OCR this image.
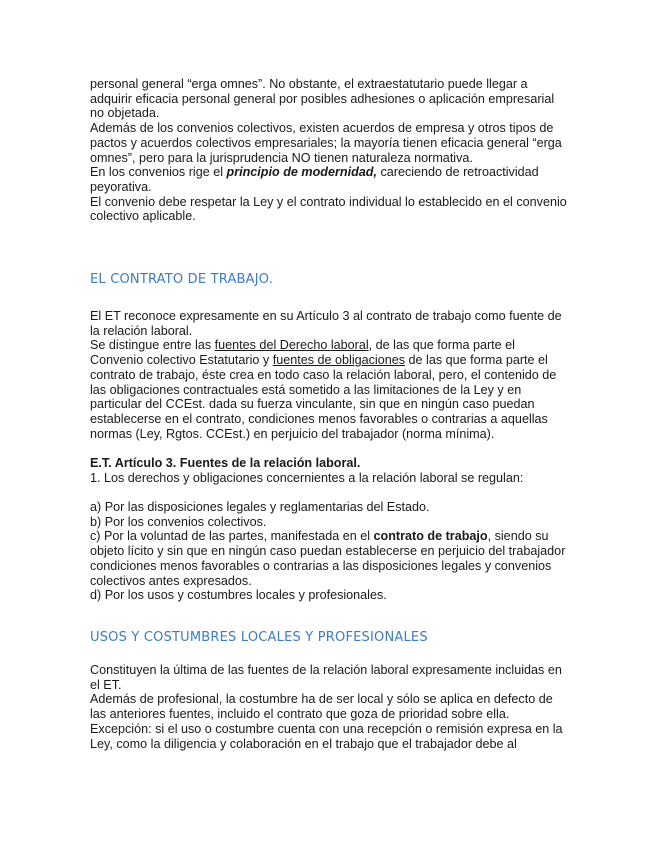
personal general “erga omnes”. No obstante, el extraestatutario puede llegar a adquirir eficacia personal general por posibles adhesiones o aplicación empresarial no objetada.

Además de los convenios colectivos, existen acuerdos de empresa y otros tipos de pactos y acuerdos colectivos empresariales; la mayoría tienen eficacia general “erga omnes”, pero para la jurisprudencia NO tienen naturaleza normativa.

En los convenios rige el principio de modernidad, careciendo de retroactividad peyorativa.

El convenio debe respetar la Ley y el contrato individual lo establecido en el convenio colectivo aplicable.

EL CONTRATO DE TRABAJO.

El ET reconoce expresamente en su Artículo 3 al contrato de trabajo como fuente de la relación laboral.

Se distingue entre las fuentes del Derecho laboral, de las que forma parte el Convenio colectivo Estatutario y fuentes de obligaciones de las que forma parte el contrato de trabajo, éste crea en todo caso la relación laboral, pero, el contenido de las obligaciones contractuales está sometido a las limitaciones de la Ley y en particular del CCEst. dada su fuerza vinculante, sin que en ningún caso puedan establecerse en el contrato, condiciones menos favorables o contrarias a aquellas normas (Ley, Rgtos. CCEst.) en perjuicio del trabajador (norma mínima).

E.T. Artículo 3. Fuentes de la relación laboral.

1. Los derechos y obligaciones concernientes a la relación laboral se regulan:

a) Por las disposiciones legales y reglamentarias del Estado.

b) Por los convenios colectivos.

c) Por la voluntad de las partes, manifestada en el contrato de trabajo, siendo su objeto lícito y sin que en ningún caso puedan establecerse en perjuicio del trabajador condiciones menos favorables o contrarias a las disposiciones legales y convenios colectivos antes expresados.

d) Por los usos y costumbres locales y profesionales.

USOS Y COSTUMBRES LOCALES Y PROFESIONALES

Constituyen la última de las fuentes de la relación laboral expresamente incluidas en el ET.

Además de profesional, la costumbre ha de ser local y sólo se aplica en defecto de las anteriores fuentes, incluido el contrato que goza de prioridad sobre ella.

Excepción: si el uso o costumbre cuenta con una recepción o remisión expresa en la Ley, como la diligencia y colaboración en el trabajo que el trabajador debe al
